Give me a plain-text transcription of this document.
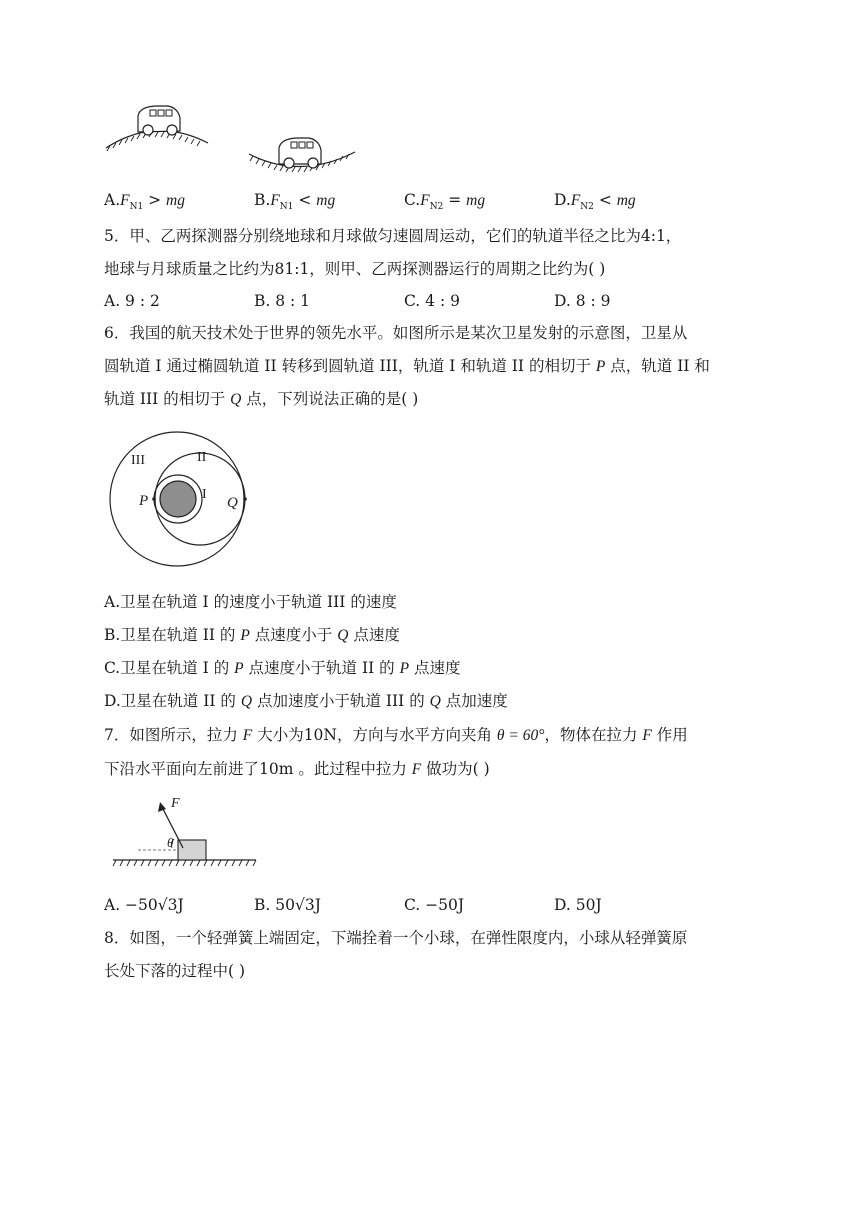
$A.F_{N1}$ > mg	$B.F_{N1}$ < mg	$C.F_{N2}$ = mg	$D.F_{N2}$ < mg
5．甲、乙两探测器分别绕地球和月球做匀速圆周运动，它们的轨道半径之比为4:1，
地球与月球质量之比约为81:1，则甲、乙两探测器运行的周期之比约为( )
A. 9 : 2	B. 8 : 1	C. 4 : 9	D. 8 : 9
6．我国的航天技术处于世界的领先水平。如图所示是某次卫星发射的示意图，卫星从
圆轨道 I 通过椭圆轨道 II 转移到圆轨道 III，轨道 I 和轨道 II 的相切于 P 点，轨道 II 和
轨道 III 的相切于 Q 点，下列说法正确的是( )
III	II
I
P	Q
A.卫星在轨道 I 的速度小于轨道 III 的速度
B.卫星在轨道 II 的 P 点速度小于 Q 点速度
C.卫星在轨道 I 的 P 点速度小于轨道 II 的 P 点速度
D.卫星在轨道 II 的 Q 点加速度小于轨道 III 的 Q 点加速度
7．如图所示，拉力 F 大小为10N，方向与水平方向夹角 θ = 60°，物体在拉力 F 作用
下沿水平面向左前进了10m 。此过程中拉力 F 做功为( )
F
θ
A. −50√3J	B. 50√3J	C. −50J	D. 50J
8．如图，一个轻弹簧上端固定，下端拴着一个小球，在弹性限度内，小球从轻弹簧原
长处下落的过程中( )
